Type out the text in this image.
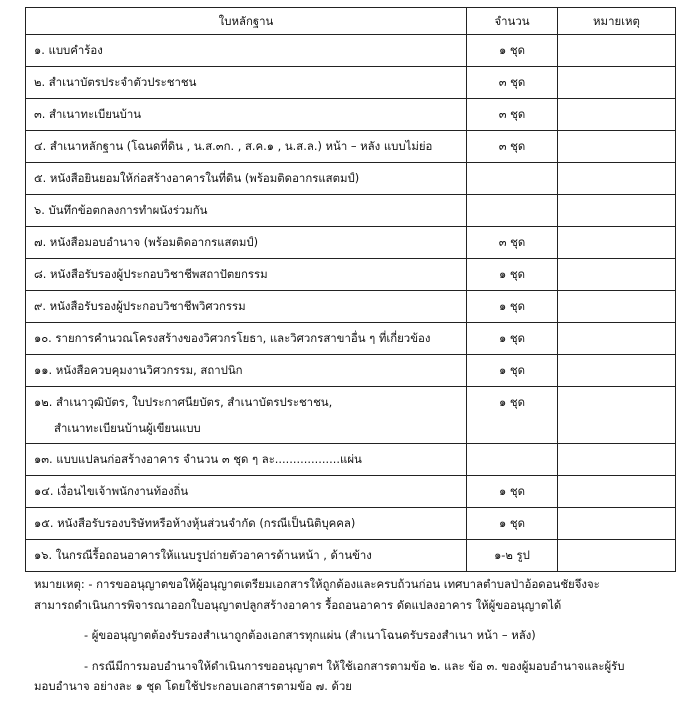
ใบหลักฐาน	จำนวน	หมายเหตุ

๑. แบบคำร้อง	๑ ชุด	

๒. สำเนาบัตรประจำตัวประชาชน	๓ ชุด	

๓. สำเนาทะเบียนบ้าน	๓ ชุด	

๔. สำเนาหลักฐาน (โฉนดที่ดิน , น.ส.๓ก. , ส.ค.๑ , น.ส.ล.) หน้า – หลัง แบบไม่ย่อ	๓ ชุด	

๕. หนังสือยินยอมให้ก่อสร้างอาคารในที่ดิน (พร้อมติดอากรแสตมป์)		

๖. บันทึกข้อตกลงการทำผนังร่วมกัน		

๗. หนังสือมอบอำนาจ (พร้อมติดอากรแสตมป์)	๓ ชุด	

๘. หนังสือรับรองผู้ประกอบวิชาชีพสถาปัตยกรรม	๑ ชุด	

๙. หนังสือรับรองผู้ประกอบวิชาชีพวิศวกรรม	๑ ชุด	

๑๐. รายการคำนวณโครงสร้างของวิศวกรโยธา, และวิศวกรสาขาอื่น ๆ ที่เกี่ยวข้อง	๑ ชุด	

๑๑. หนังสือควบคุมงานวิศวกรรม, สถาปนิก	๑ ชุด	

๑๒. สำเนาวุฒิบัตร, ใบประกาศนียบัตร, สำเนาบัตรประชาชน,
สำเนาทะเบียนบ้านผู้เขียนแบบ	๑ ชุด	

๑๓. แบบแปลนก่อสร้างอาคาร จำนวน ๓ ชุด ๆ ละ..................แผ่น		

๑๔. เงื่อนไขเจ้าพนักงานท้องถิ่น	๑ ชุด	

๑๕. หนังสือรับรองบริษัทหรือห้างหุ้นส่วนจำกัด (กรณีเป็นนิติบุคคล)	๑ ชุด	

๑๖. ในกรณีรื้อถอนอาคารให้แนบรูปถ่ายตัวอาคารด้านหน้า , ด้านข้าง	๑-๒ รูป	

หมายเหตุ: - การขออนุญาตขอให้ผู้อนุญาตเตรียมเอกสารให้ถูกต้องและครบถ้วนก่อน เทศบาลตำบลป่าอ้อดอนชัยจึงจะ

สามารถดำเนินการพิจารณาออกใบอนุญาตปลูกสร้างอาคาร รื้อถอนอาคาร ดัดแปลงอาคาร ให้ผู้ขออนุญาตได้

- ผู้ขออนุญาตต้องรับรองสำเนาถูกต้องเอกสารทุกแผ่น (สำเนาโฉนดรับรองสำเนา หน้า – หลัง)

- กรณีมีการมอบอำนาจให้ดำเนินการขออนุญาตฯ ให้ใช้เอกสารตามข้อ ๒. และ ข้อ ๓. ของผู้มอบอำนาจและผู้รับ

มอบอำนาจ อย่างละ ๑ ชุด โดยใช้ประกอบเอกสารตามข้อ ๗. ด้วย
